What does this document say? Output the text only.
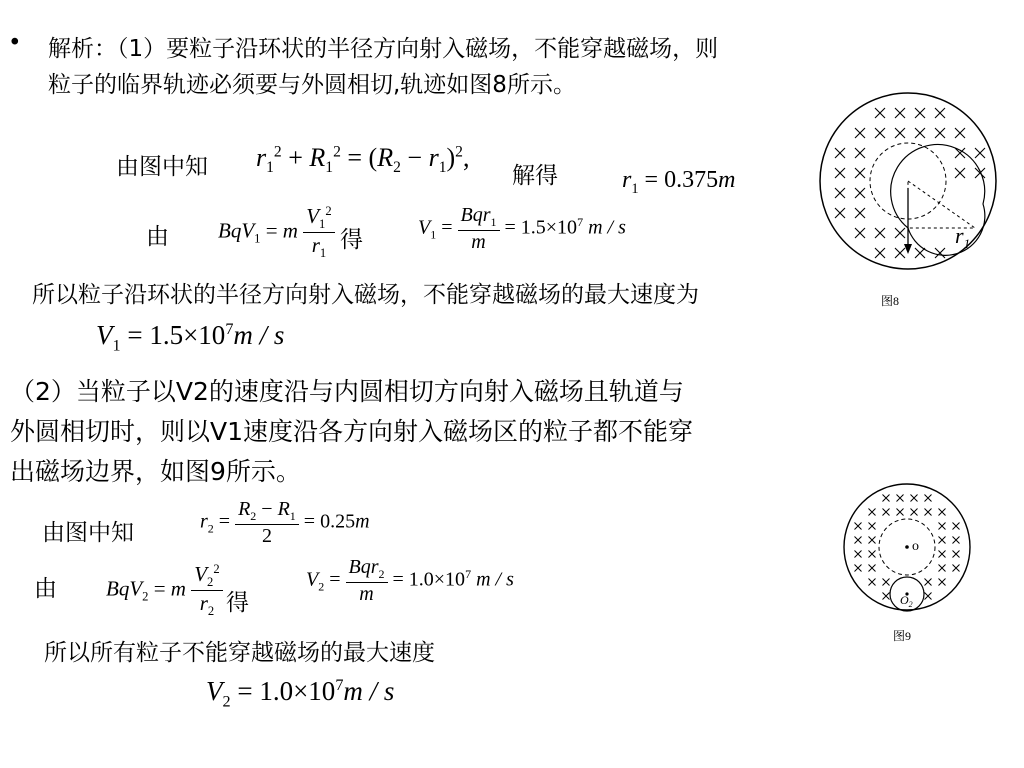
• 解析：（1）要粒子沿环状的半径方向射入磁场，不能穿越磁场，则
粒子的临界轨迹必须要与外圆相切,轨迹如图8所示。
由图中知 $r_1^2 + R_1^2 = (R_2 - r_1)^2$,
解得	$r_1 = 0.375m$
由 BqV$_1$ = m $\frac{V_1^2}{r_1}$ 得	$V_1 = \frac{Bqr_1}{m} = 1.5\times 10^7$ m / s
所以粒子沿环状的半径方向射入磁场，不能穿越磁场的最大速度为
$V_1 = 1.5\times 10^7m / s$
$r_1$
图8
（2）当粒子以V2的速度沿与内圆相切方向射入磁场且轨道与
外圆相切时，则以V1速度沿各方向射入磁场区的粒子都不能穿
出磁场边界，如图9所示。
由图中知	$r_2 = \frac{R_2 - R_1}{2} = 0.25m$
由 BqV$_2$ = m $\frac{V_2^2}{r_2}$ 得
$V_2 = \frac{Bqr_2}{m} = 1.0\times 10^7$ m / s
所以所有粒子不能穿越磁场的最大速度
$V_2 = 1.0\times 10^7m / s$
o
$O_2$
图9
